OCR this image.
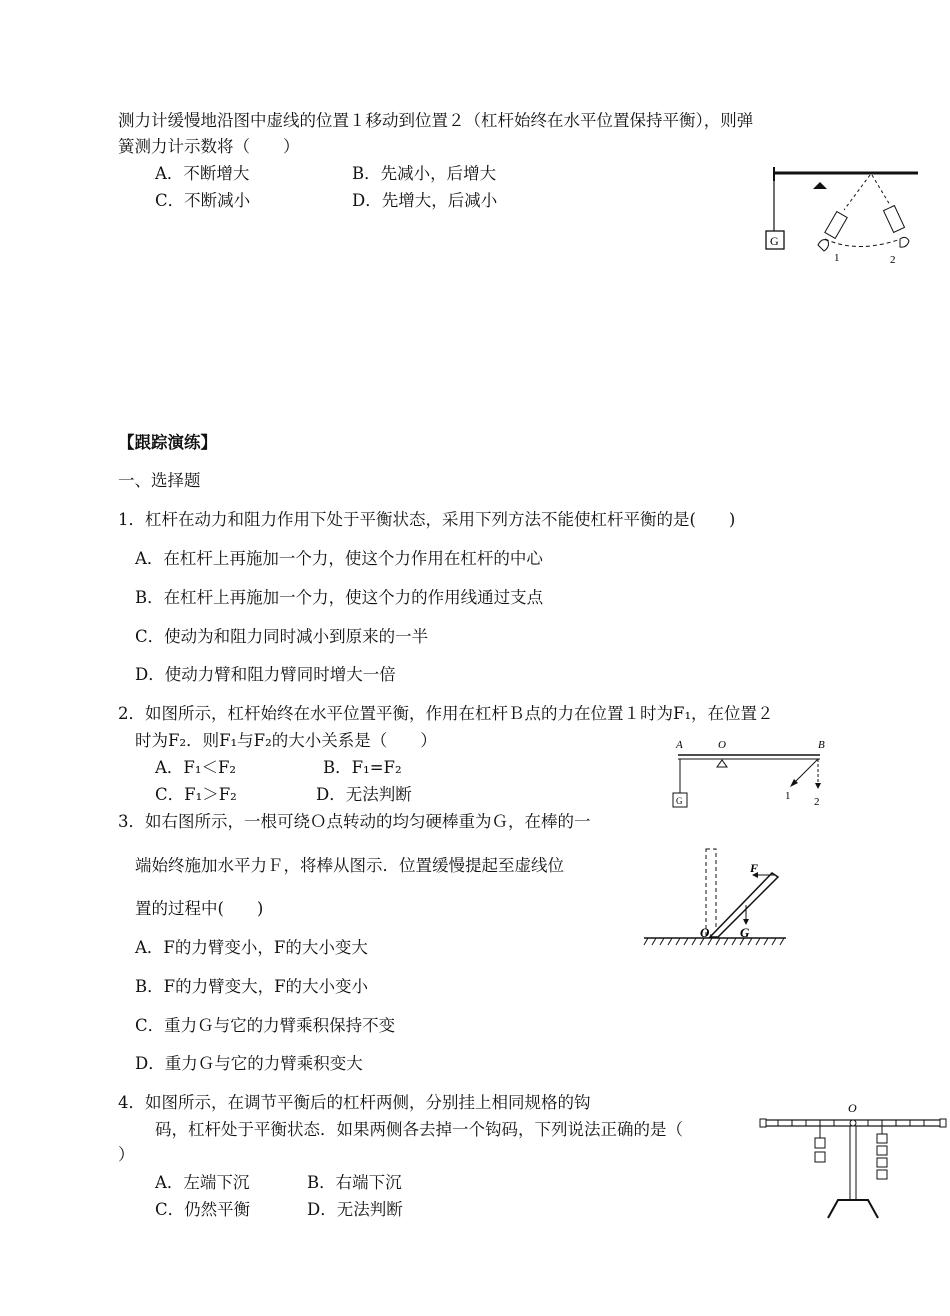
测力计缓慢地沿图中虚线的位置１移动到位置２（杠杆始终在水平位置保持平衡），则弹
簧测力计示数将（　　）
A．不断增大	B．先减小，后增大
C．不断减小	D．先增大，后减小
G
1	2
【跟踪演练】
一、选择题
1．杠杆在动力和阻力作用下处于平衡状态，采用下列方法不能使杠杆平衡的是(　　)
A．在杠杆上再施加一个力，使这个力作用在杠杆的中心
B．在杠杆上再施加一个力，使这个力的作用线通过支点
C．使动为和阻力同时减小到原来的一半
D．使动力臂和阻力臂同时增大一倍
2．如图所示，杠杆始终在水平位置平衡，作用在杠杆Ｂ点的力在位置１时为F₁，在位置２
时为F₂．则F₁与F₂的大小关系是（　　）
A．F₁＜F₂	B．F₁=F₂
C．F₁＞F₂	D．无法判断
A	O	B
G	1 2
3．如右图所示，一根可绕Ｏ点转动的均匀硬棒重为Ｇ，在棒的一
端始终施加水平力Ｆ，将棒从图示．位置缓慢提起至虚线位
置的过程中(　　)
A．F的力臂变小，F的大小变大
B．F的力臂变大，F的大小变小
C．重力Ｇ与它的力臂乘积保持不变
D．重力Ｇ与它的力臂乘积变大
F
O G
4．如图所示，在调节平衡后的杠杆两侧，分别挂上相同规格的钩
码，杠杆处于平衡状态．如果两侧各去掉一个钩码，下列说法正确的是（
）
A．左端下沉	B．右端下沉
C．仍然平衡	D．无法判断
O
